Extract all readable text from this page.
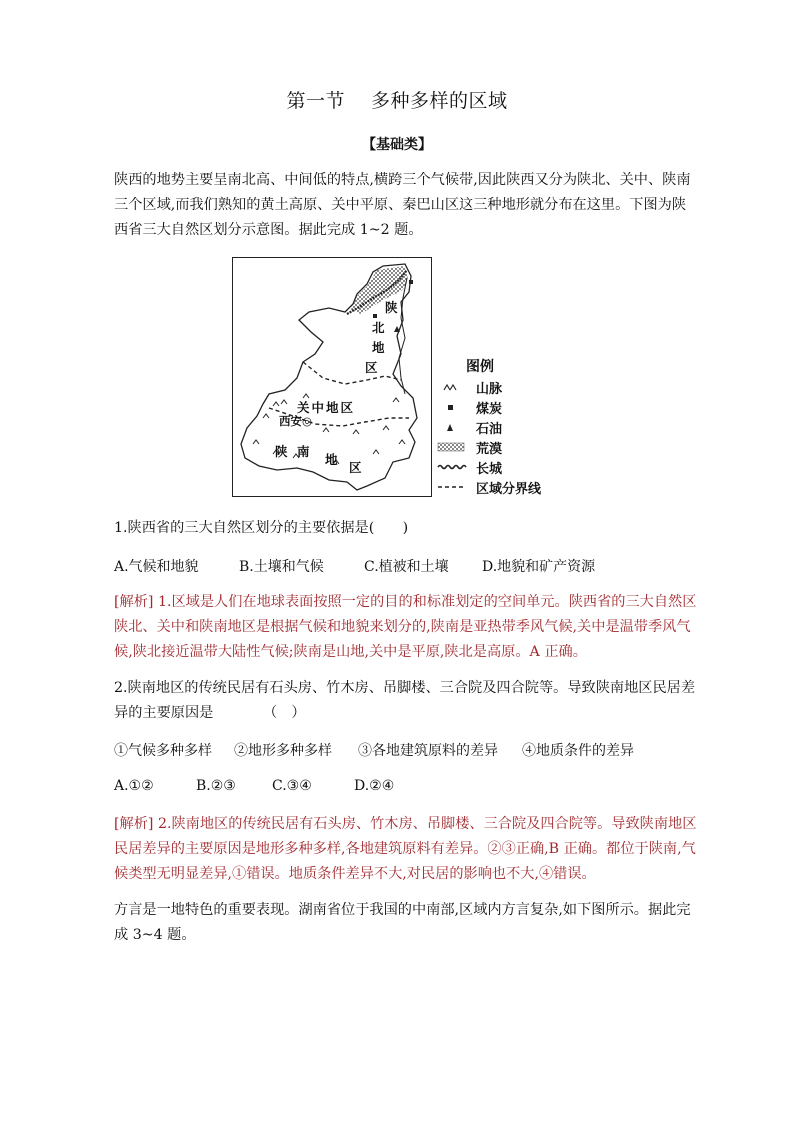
第一节 多种多样的区域
【基础类】
陕西的地势主要呈南北高、中间低的特点,横跨三个气候带,因此陕西又分为陕北、关中、陕南
三个区域,而我们熟知的黄土高原、关中平原、秦巴山区这三种地形就分布在这里。下图为陕
西省三大自然区划分示意图。据此完成 1~2 题。
陕
北
地
区
关中地区
西安◎
陕 南
地
区
图例
山脉
煤炭
石油
荒漠
长城
区域分界线
1.陕西省的三大自然区划分的主要依据是(　　)
A.气候和地貌	B.土壤和气候	C.植被和土壤 D.地貌和矿产资源
[解析] 1.区域是人们在地球表面按照一定的目的和标准划定的空间单元。陕西省的三大自然区
陕北、关中和陕南地区是根据气候和地貌来划分的,陕南是亚热带季风气候,关中是温带季风气
候,陕北接近温带大陆性气候;陕南是山地,关中是平原,陕北是高原。A 正确。
2.陕南地区的传统民居有石头房、竹木房、吊脚楼、三合院及四合院等。导致陕南地区民居差
异的主要原因是　　　　（　）
①气候多种多样 ②地形多种多样 ③各地建筑原料的差异 ④地质条件的差异
A.①②	B.②③	C.③④	D.②④
[解析] 2.陕南地区的传统民居有石头房、竹木房、吊脚楼、三合院及四合院等。导致陕南地区
民居差异的主要原因是地形多种多样,各地建筑原料有差异。②③正确,B 正确。都位于陕南,气
候类型无明显差异,①错误。地质条件差异不大,对民居的影响也不大,④错误。
方言是一地特色的重要表现。湖南省位于我国的中南部,区域内方言复杂,如下图所示。据此完
成 3~4 题。
